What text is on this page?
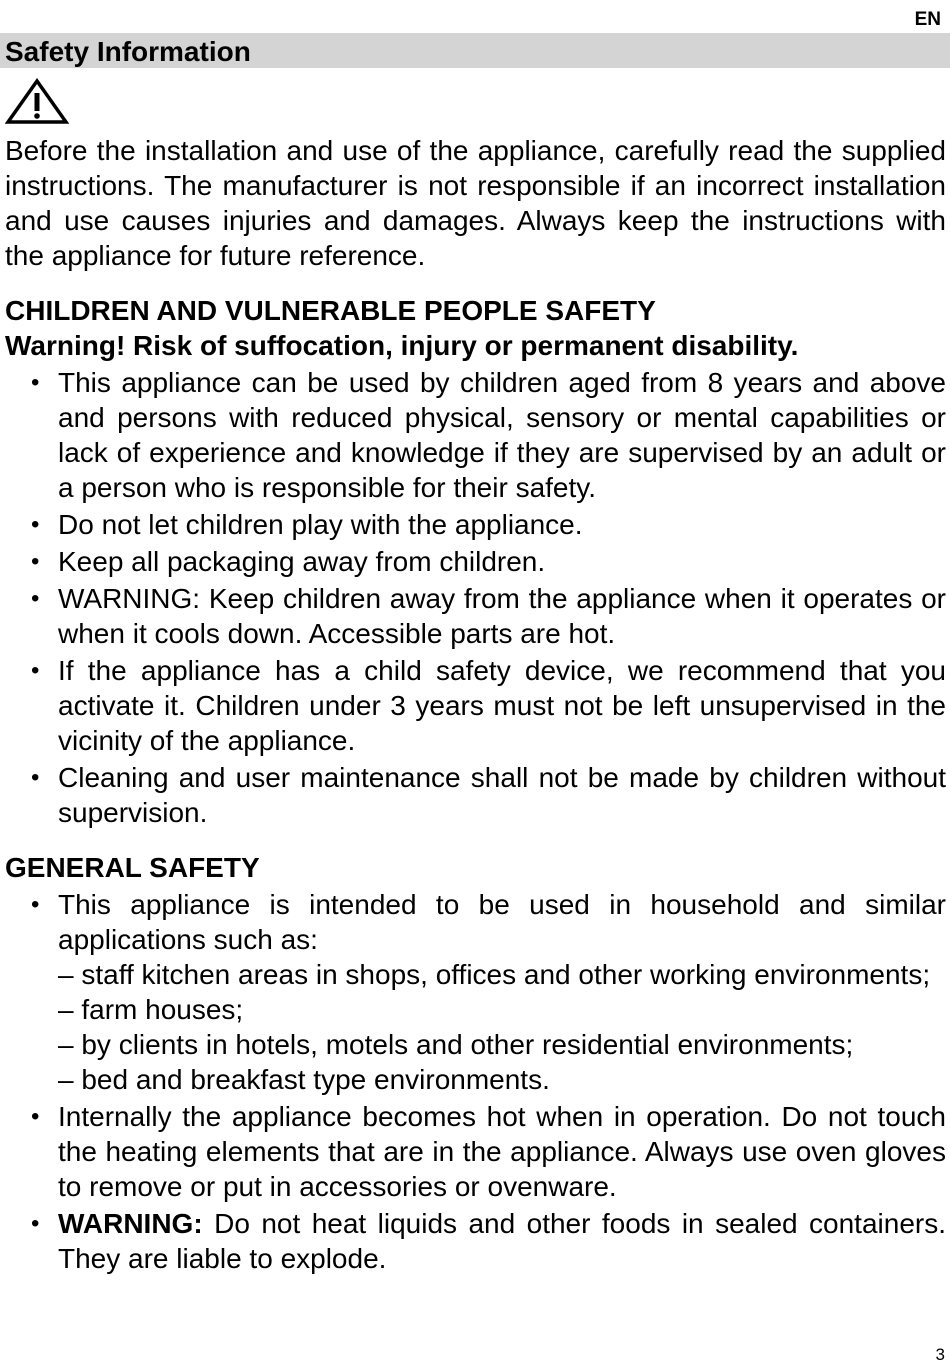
EN
Safety Information

Before the installation and use of the appliance, carefully read the supplied instructions. The manufacturer is not responsible if an incorrect installation and use causes injuries and damages. Always keep the instructions with the appliance for future reference.

CHILDREN AND VULNERABLE PEOPLE SAFETY

Warning! Risk of suffocation, injury or permanent disability.

• This appliance can be used by children aged from 8 years and above and persons with reduced physical, sensory or mental capabilities or lack of experience and knowledge if they are supervised by an adult or a person who is responsible for their safety.
• Do not let children play with the appliance.
• Keep all packaging away from children.
• WARNING: Keep children away from the appliance when it operates or when it cools down. Accessible parts are hot.
• If the appliance has a child safety device, we recommend that you activate it. Children under 3 years must not be left unsupervised in the vicinity of the appliance.
• Cleaning and user maintenance shall not be made by children without supervision.

GENERAL SAFETY

• This appliance is intended to be used in household and similar applications such as:
– staff kitchen areas in shops, offices and other working environments;
– farm houses;
– by clients in hotels, motels and other residential environments;
– bed and breakfast type environments.
• Internally the appliance becomes hot when in operation. Do not touch the heating elements that are in the appliance. Always use oven gloves to remove or put in accessories or ovenware.
• WARNING: Do not heat liquids and other foods in sealed containers. They are liable to explode.
3
